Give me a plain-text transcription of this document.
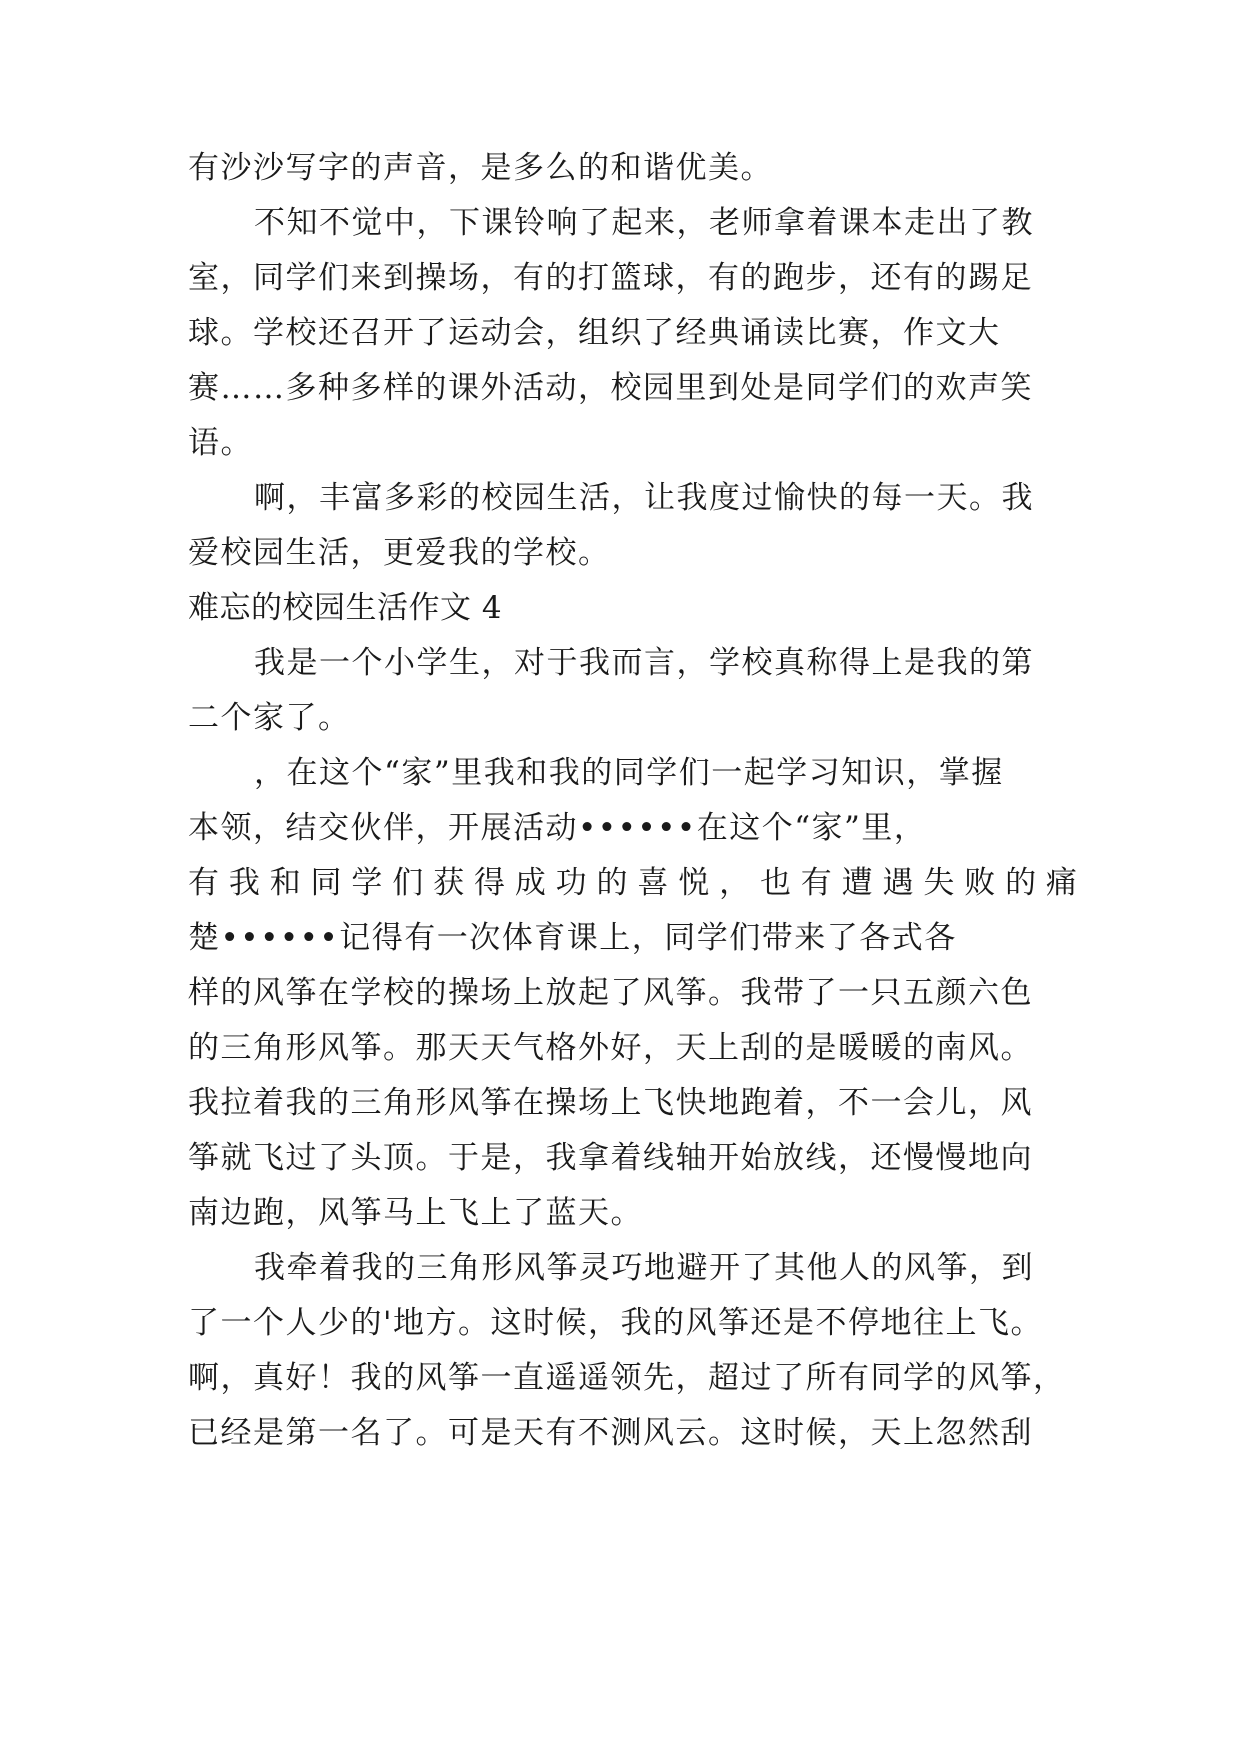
有沙沙写字的声音，是多么的和谐优美。
不知不觉中，下课铃响了起来，老师拿着课本走出了教
室，同学们来到操场，有的打篮球，有的跑步，还有的踢足
球。学校还召开了运动会，组织了经典诵读比赛，作文大
赛……多种多样的课外活动，校园里到处是同学们的欢声笑
语。
啊，丰富多彩的校园生活，让我度过愉快的每一天。我
爱校园生活，更爱我的学校。
难忘的校园生活作文 4
我是一个小学生，对于我而言，学校真称得上是我的第
二个家了。
，在这个“家”里我和我的同学们一起学习知识，掌握
本领，结交伙伴，开展活动••••••在这个“家”里，
有 我 和 同 学 们 获 得 成 功 的 喜 悦 ， 也 有 遭 遇 失 败 的 痛
楚••••••记得有一次体育课上，同学们带来了各式各
样的风筝在学校的操场上放起了风筝。我带了一只五颜六色
的三角形风筝。那天天气格外好，天上刮的是暖暖的南风。
我拉着我的三角形风筝在操场上飞快地跑着，不一会儿，风
筝就飞过了头顶。于是，我拿着线轴开始放线，还慢慢地向
南边跑，风筝马上飞上了蓝天。
我牵着我的三角形风筝灵巧地避开了其他人的风筝，到
了一个人少的'地方。这时候，我的风筝还是不停地往上飞。
啊，真好！我的风筝一直遥遥领先，超过了所有同学的风筝，
已经是第一名了。可是天有不测风云。这时候，天上忽然刮
